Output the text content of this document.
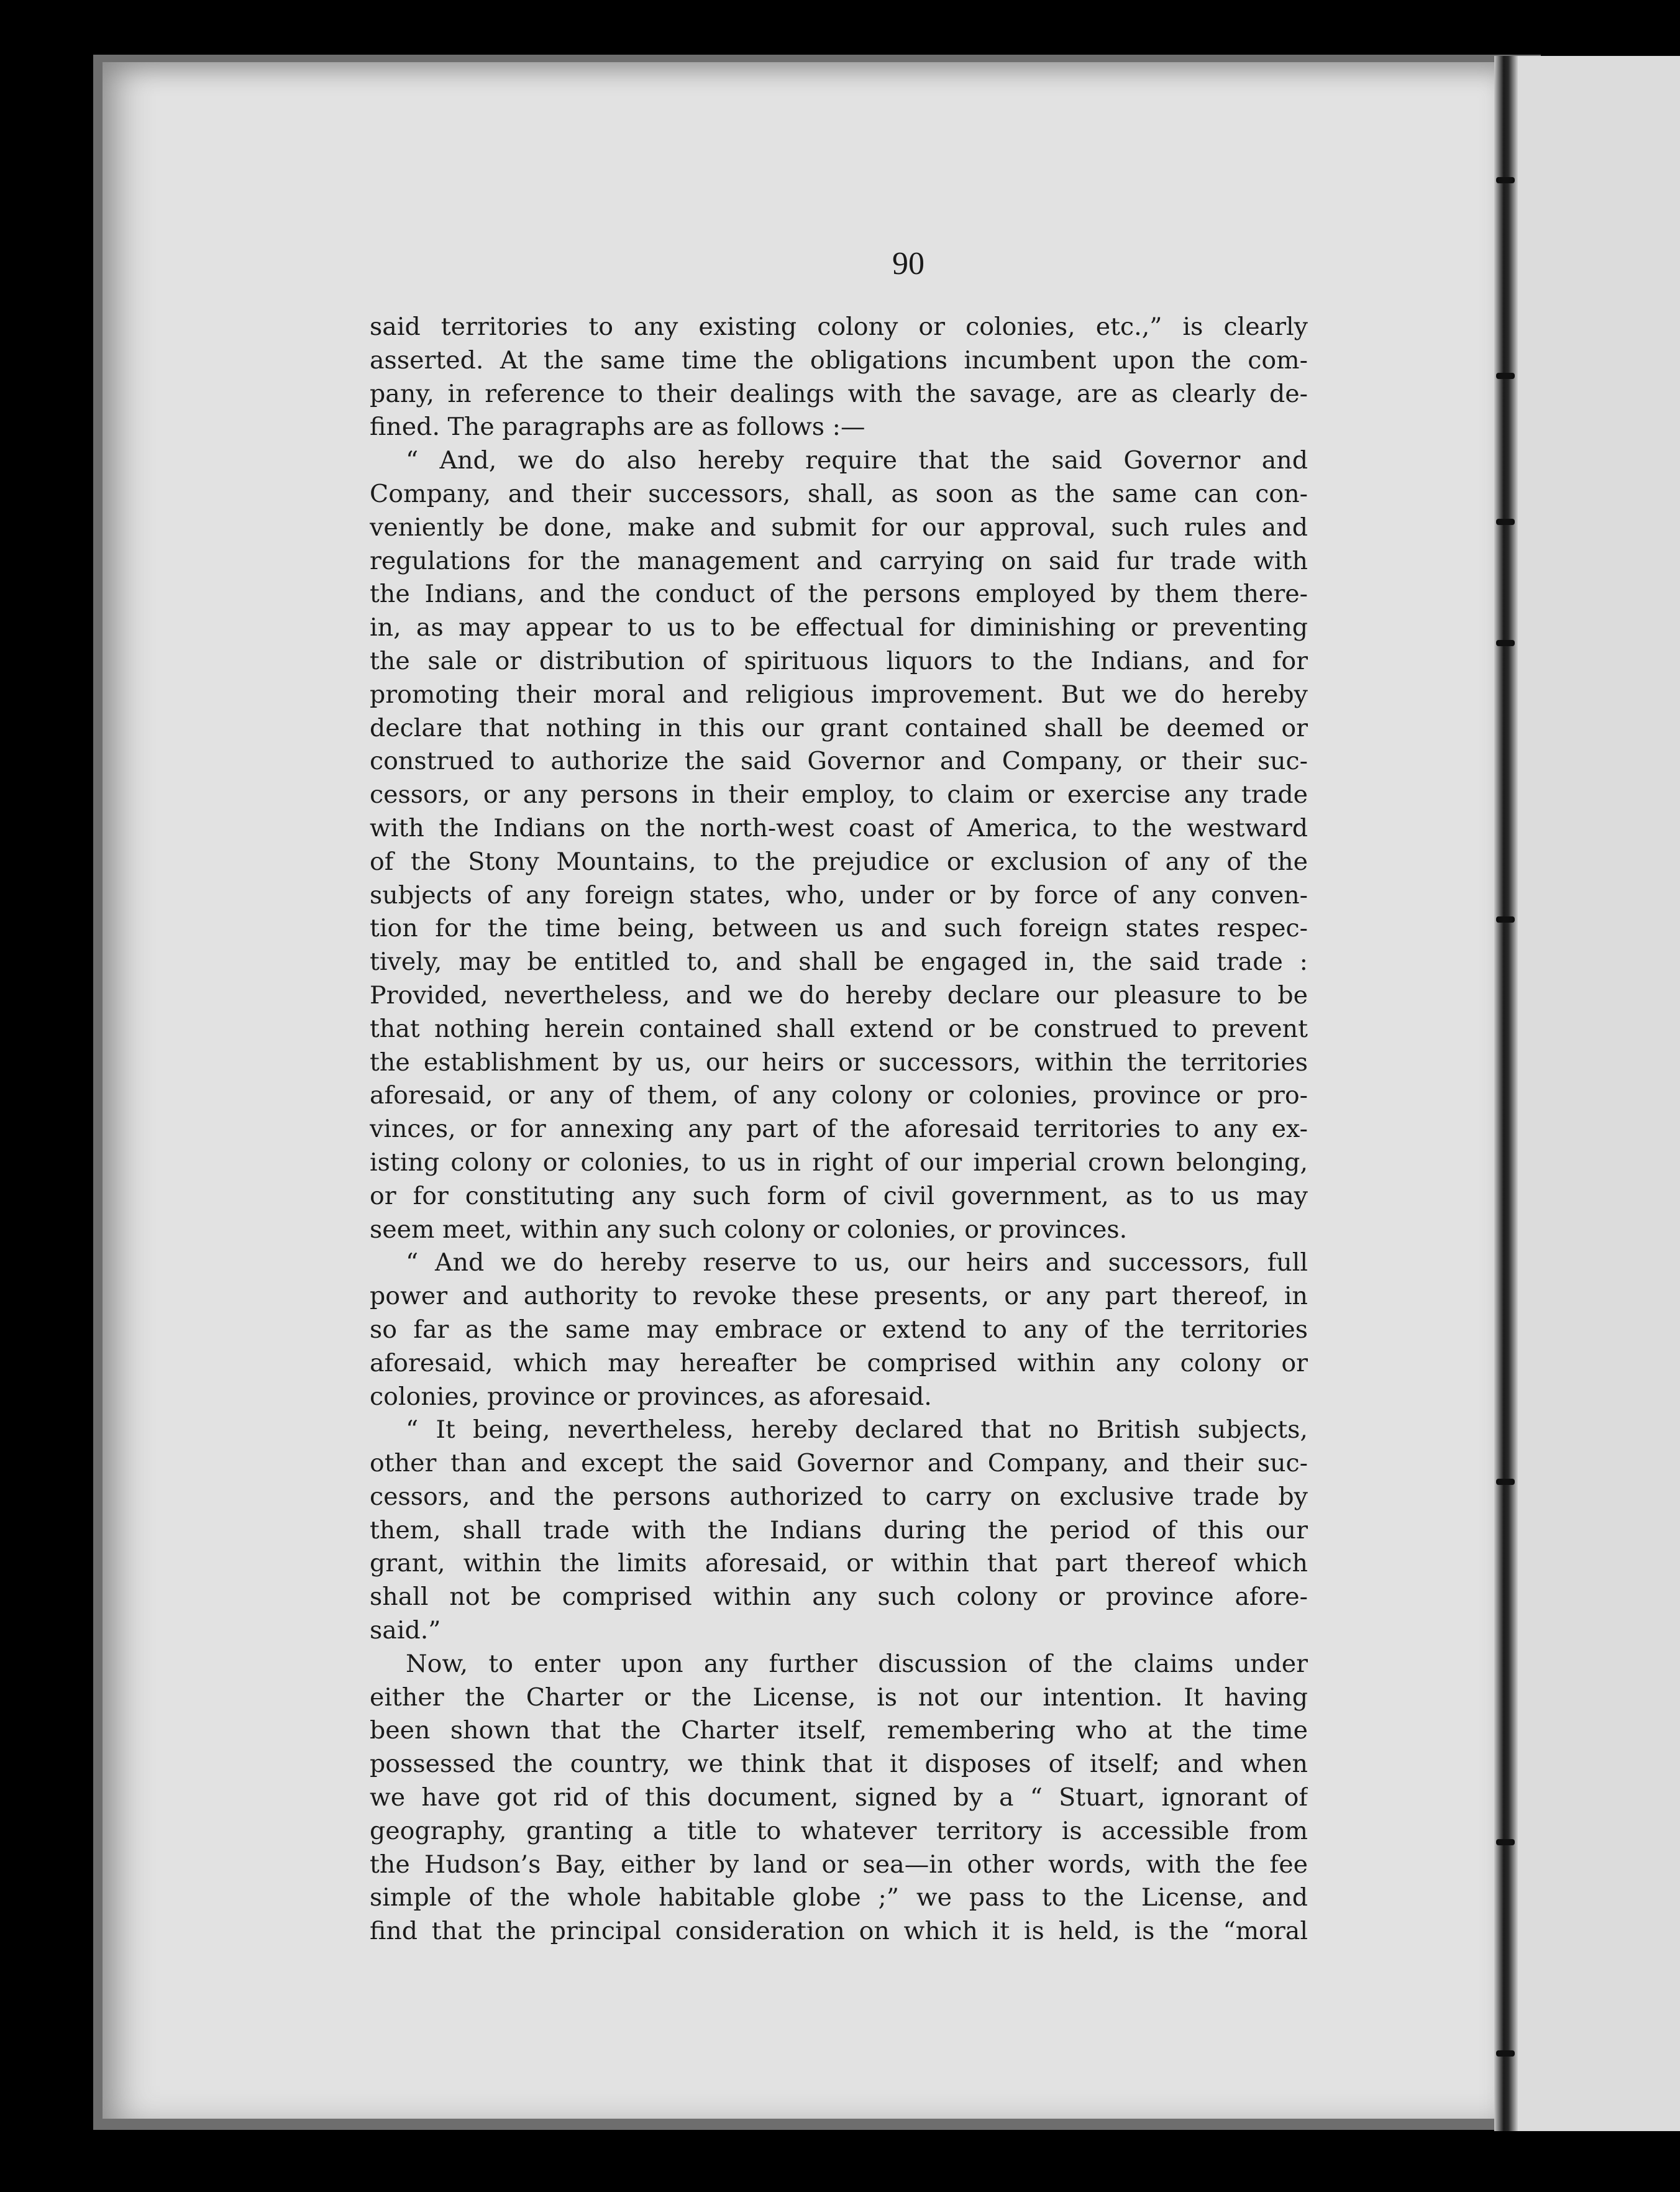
90
said territories to any existing colony or colonies, etc.,” is clearly
asserted. At the same time the obligations incumbent upon the com-
pany, in reference to their dealings with the savage, are as clearly de-
fined. The paragraphs are as follows :—
“ And, we do also hereby require that the said Governor and
Company, and their successors, shall, as soon as the same can con-
veniently be done, make and submit for our approval, such rules and
regulations for the management and carrying on said fur trade with
the Indians, and the conduct of the persons employed by them there-
in, as may appear to us to be effectual for diminishing or preventing
the sale or distribution of spirituous liquors to the Indians, and for
promoting their moral and religious improvement. But we do hereby
declare that nothing in this our grant contained shall be deemed or
construed to authorize the said Governor and Company, or their suc-
cessors, or any persons in their employ, to claim or exercise any trade
with the Indians on the north-west coast of America, to the westward
of the Stony Mountains, to the prejudice or exclusion of any of the
subjects of any foreign states, who, under or by force of any conven-
tion for the time being, between us and such foreign states respec-
tively, may be entitled to, and shall be engaged in, the said trade :
Provided, nevertheless, and we do hereby declare our pleasure to be
that nothing herein contained shall extend or be construed to prevent
the establishment by us, our heirs or successors, within the territories
aforesaid, or any of them, of any colony or colonies, province or pro-
vinces, or for annexing any part of the aforesaid territories to any ex-
isting colony or colonies, to us in right of our imperial crown belonging,
or for constituting any such form of civil government, as to us may
seem meet, within any such colony or colonies, or provinces.
“ And we do hereby reserve to us, our heirs and successors, full
power and authority to revoke these presents, or any part thereof, in
so far as the same may embrace or extend to any of the territories
aforesaid, which may hereafter be comprised within any colony or
colonies, province or provinces, as aforesaid.
“ It being, nevertheless, hereby declared that no British subjects,
other than and except the said Governor and Company, and their suc-
cessors, and the persons authorized to carry on exclusive trade by
them, shall trade with the Indians during the period of this our
grant, within the limits aforesaid, or within that part thereof which
shall not be comprised within any such colony or province afore-
said.”
Now, to enter upon any further discussion of the claims under
either the Charter or the License, is not our intention. It having
been shown that the Charter itself, remembering who at the time
possessed the country, we think that it disposes of itself; and when
we have got rid of this document, signed by a “ Stuart, ignorant of
geography, granting a title to whatever territory is accessible from
the Hudson’s Bay, either by land or sea—in other words, with the fee
simple of the whole habitable globe ;” we pass to the License, and
find that the principal consideration on which it is held, is the “moral
